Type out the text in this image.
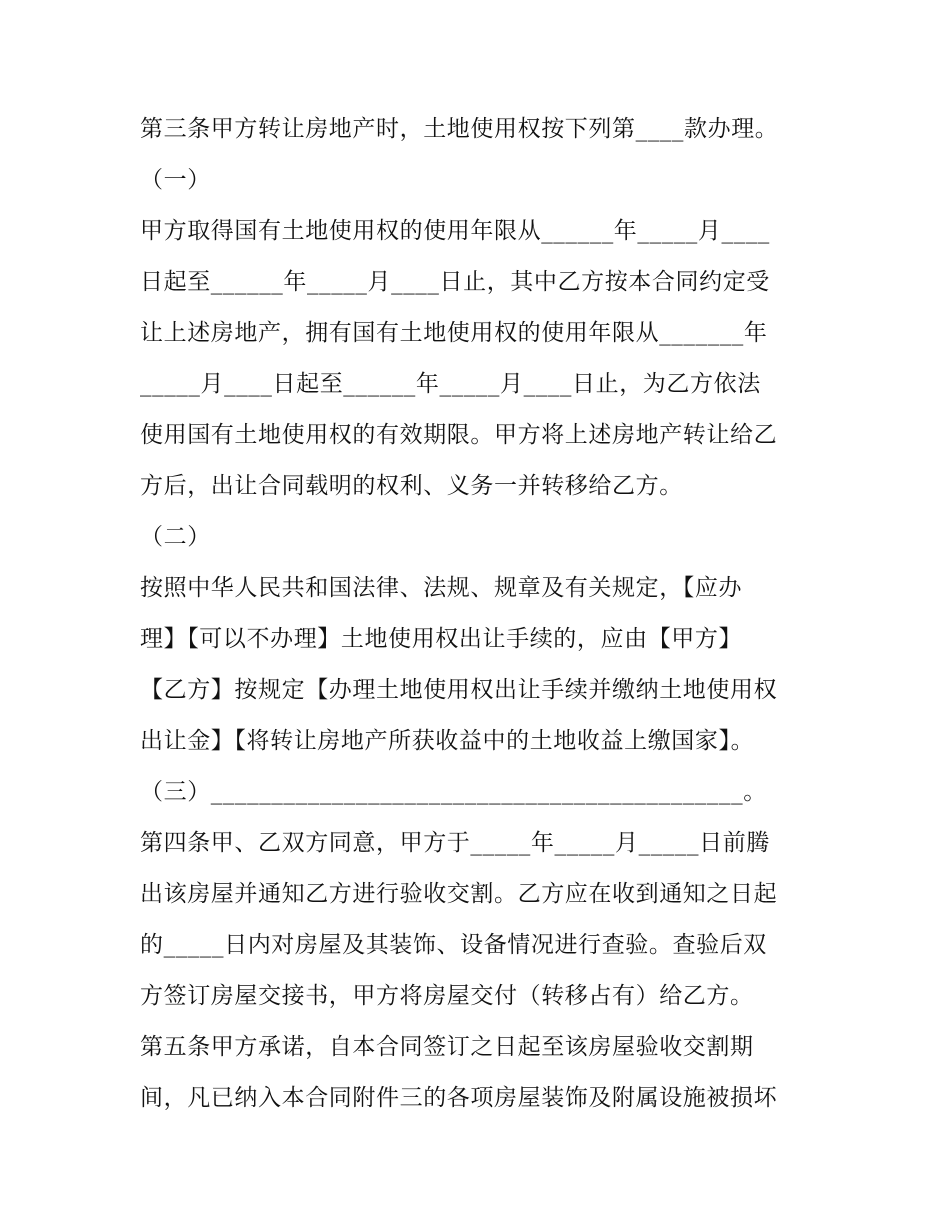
第三条甲方转让房地产时，土地使用权按下列第____款办理。
（一）
甲方取得国有土地使用权的使用年限从______年_____月____
日起至______年_____月____日止，其中乙方按本合同约定受
让上述房地产，拥有国有土地使用权的使用年限从_______年
_____月____日起至______年_____月____日止，为乙方依法
使用国有土地使用权的有效期限。甲方将上述房地产转让给乙
方后，出让合同载明的权利、义务一并转移给乙方。
（二）
按照中华人民共和国法律、法规、规章及有关规定，【应办
理】【可以不办理】土地使用权出让手续的，应由【甲方】
【乙方】按规定【办理土地使用权出让手续并缴纳土地使用权
出让金】【将转让房地产所获收益中的土地收益上缴国家】。
（三）____________________________________________。
第四条甲、乙双方同意，甲方于_____年_____月_____日前腾
出该房屋并通知乙方进行验收交割。乙方应在收到通知之日起
的_____日内对房屋及其装饰、设备情况进行查验。查验后双
方签订房屋交接书，甲方将房屋交付（转移占有）给乙方。
第五条甲方承诺，自本合同签订之日起至该房屋验收交割期
间，凡已纳入本合同附件三的各项房屋装饰及附属设施被损坏
